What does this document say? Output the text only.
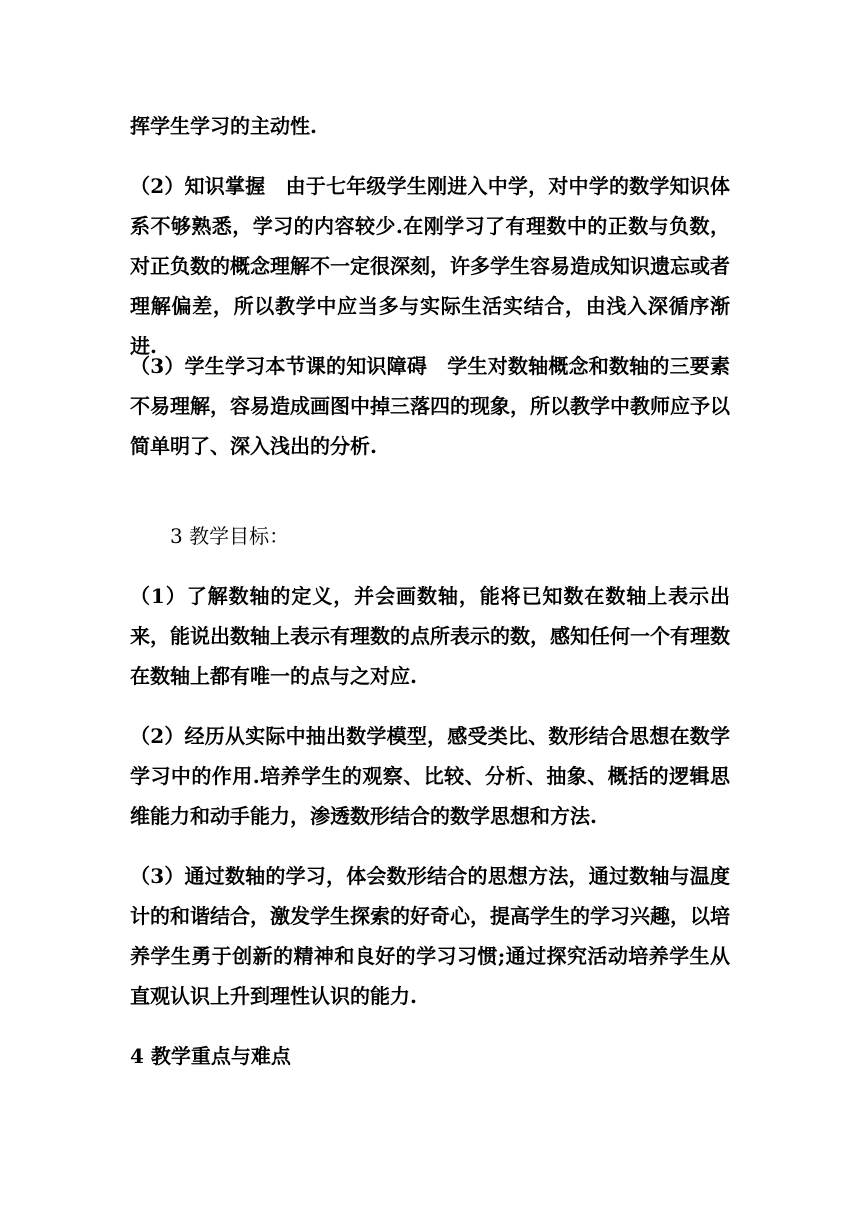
挥学生学习的主动性.

（2）知识掌握　由于七年级学生刚进入中学，对中学的数学知识体系不够熟悉，学习的内容较少.在刚学习了有理数中的正数与负数，对正负数的概念理解不一定很深刻，许多学生容易造成知识遗忘或者理解偏差，所以教学中应当多与实际生活实结合，由浅入深循序渐进.

（3）学生学习本节课的知识障碍　学生对数轴概念和数轴的三要素不易理解，容易造成画图中掉三落四的现象，所以教学中教师应予以简单明了、深入浅出的分析.

3 教学目标：

（1）了解数轴的定义，并会画数轴，能将已知数在数轴上表示出来，能说出数轴上表示有理数的点所表示的数，感知任何一个有理数在数轴上都有唯一的点与之对应.

（2）经历从实际中抽出数学模型，感受类比、数形结合思想在数学学习中的作用.培养学生的观察、比较、分析、抽象、概括的逻辑思维能力和动手能力，渗透数形结合的数学思想和方法.

（3）通过数轴的学习，体会数形结合的思想方法，通过数轴与温度计的和谐结合，激发学生探索的好奇心，提高学生的学习兴趣，以培养学生勇于创新的精神和良好的学习习惯;通过探究活动培养学生从直观认识上升到理性认识的能力.

4 教学重点与难点
